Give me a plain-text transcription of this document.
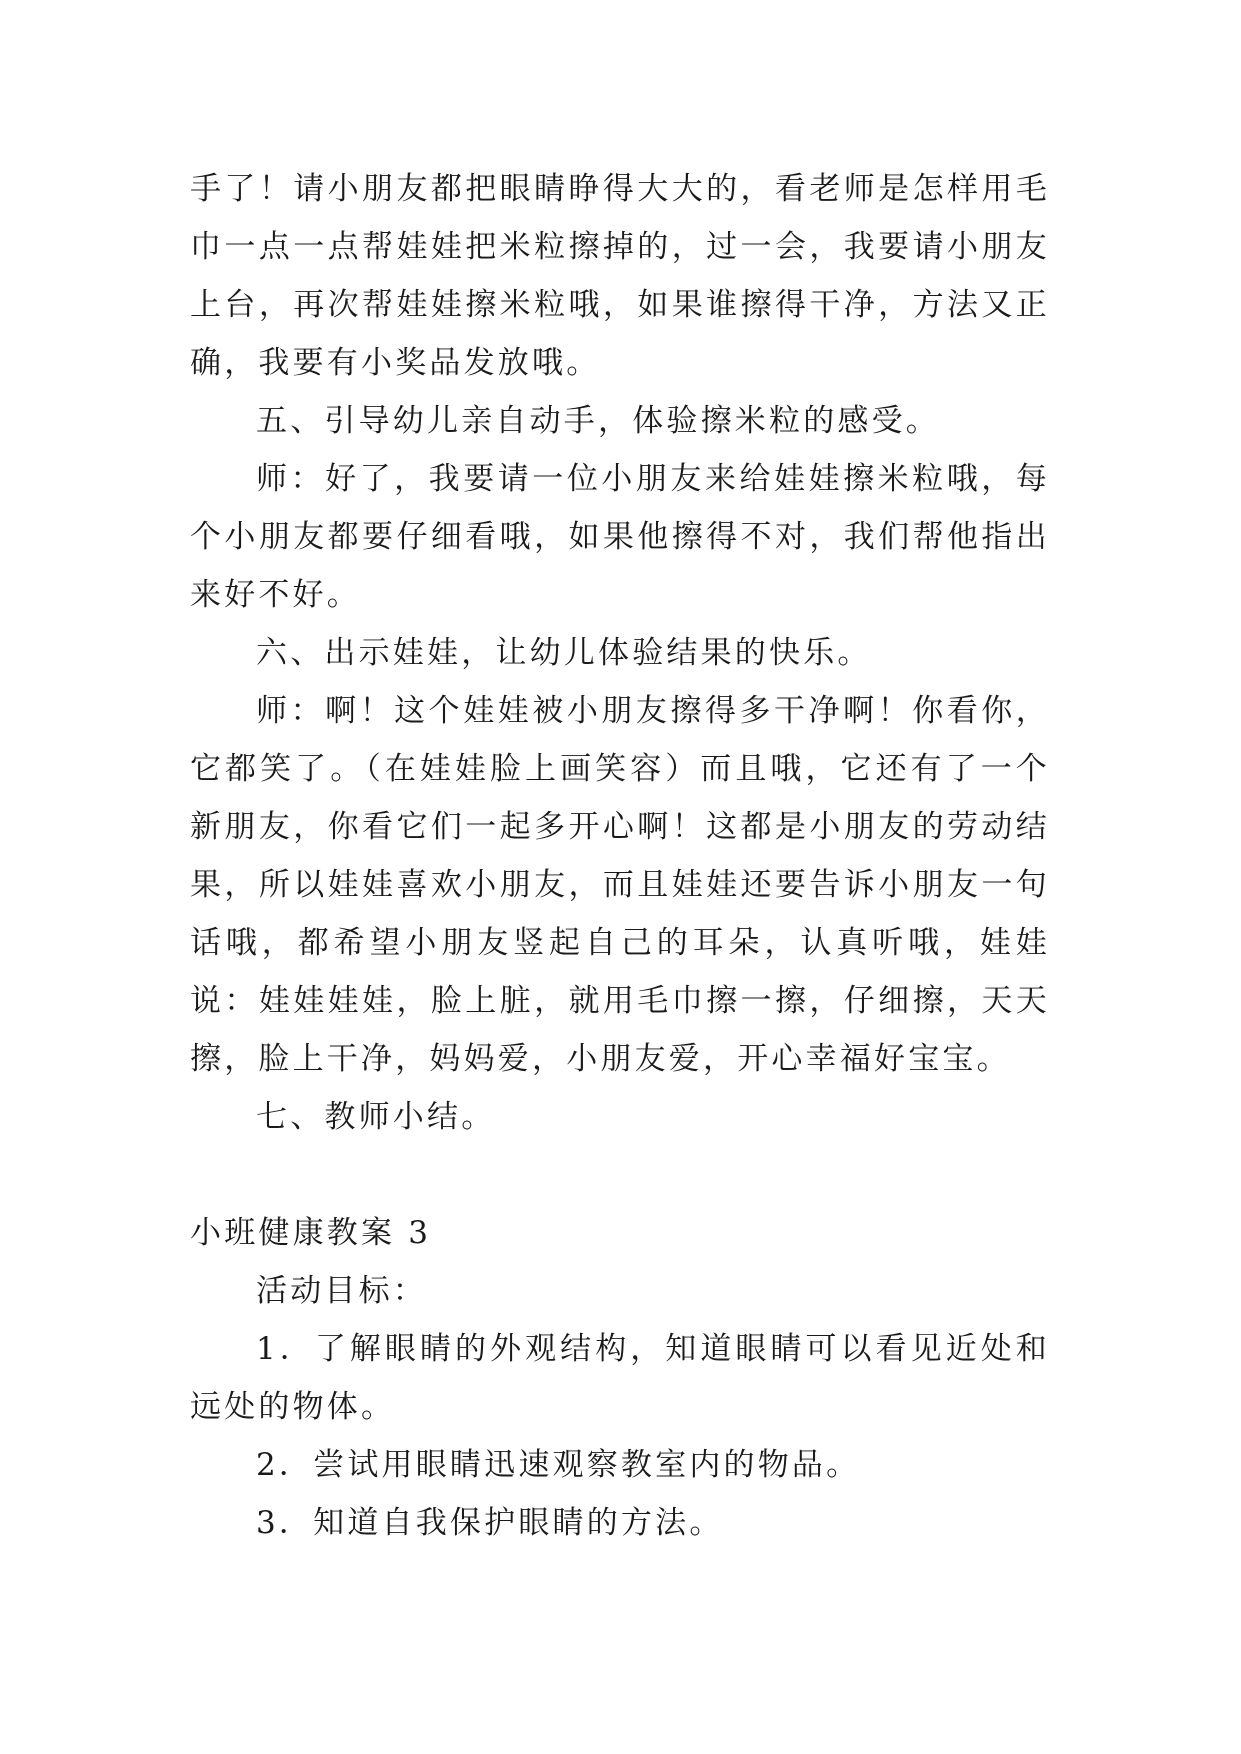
手了！请小朋友都把眼睛睁得大大的，看老师是怎样用毛巾一点一点帮娃娃把米粒擦掉的，过一会，我要请小朋友上台，再次帮娃娃擦米粒哦，如果谁擦得干净，方法又正确，我要有小奖品发放哦。

五、引导幼儿亲自动手，体验擦米粒的感受。

师：好了，我要请一位小朋友来给娃娃擦米粒哦，每个小朋友都要仔细看哦，如果他擦得不对，我们帮他指出来好不好。

六、出示娃娃，让幼儿体验结果的快乐。

师：啊！这个娃娃被小朋友擦得多干净啊！你看你，它都笑了。（在娃娃脸上画笑容）而且哦，它还有了一个新朋友，你看它们一起多开心啊！这都是小朋友的劳动结果，所以娃娃喜欢小朋友，而且娃娃还要告诉小朋友一句话哦，都希望小朋友竖起自己的耳朵，认真听哦，娃娃说：娃娃娃娃，脸上脏，就用毛巾擦一擦，仔细擦，天天擦，脸上干净，妈妈爱，小朋友爱，开心幸福好宝宝。

七、教师小结。

小班健康教案 3

活动目标：

1．了解眼睛的外观结构，知道眼睛可以看见近处和远处的物体。

2．尝试用眼睛迅速观察教室内的物品。

3．知道自我保护眼睛的方法。
